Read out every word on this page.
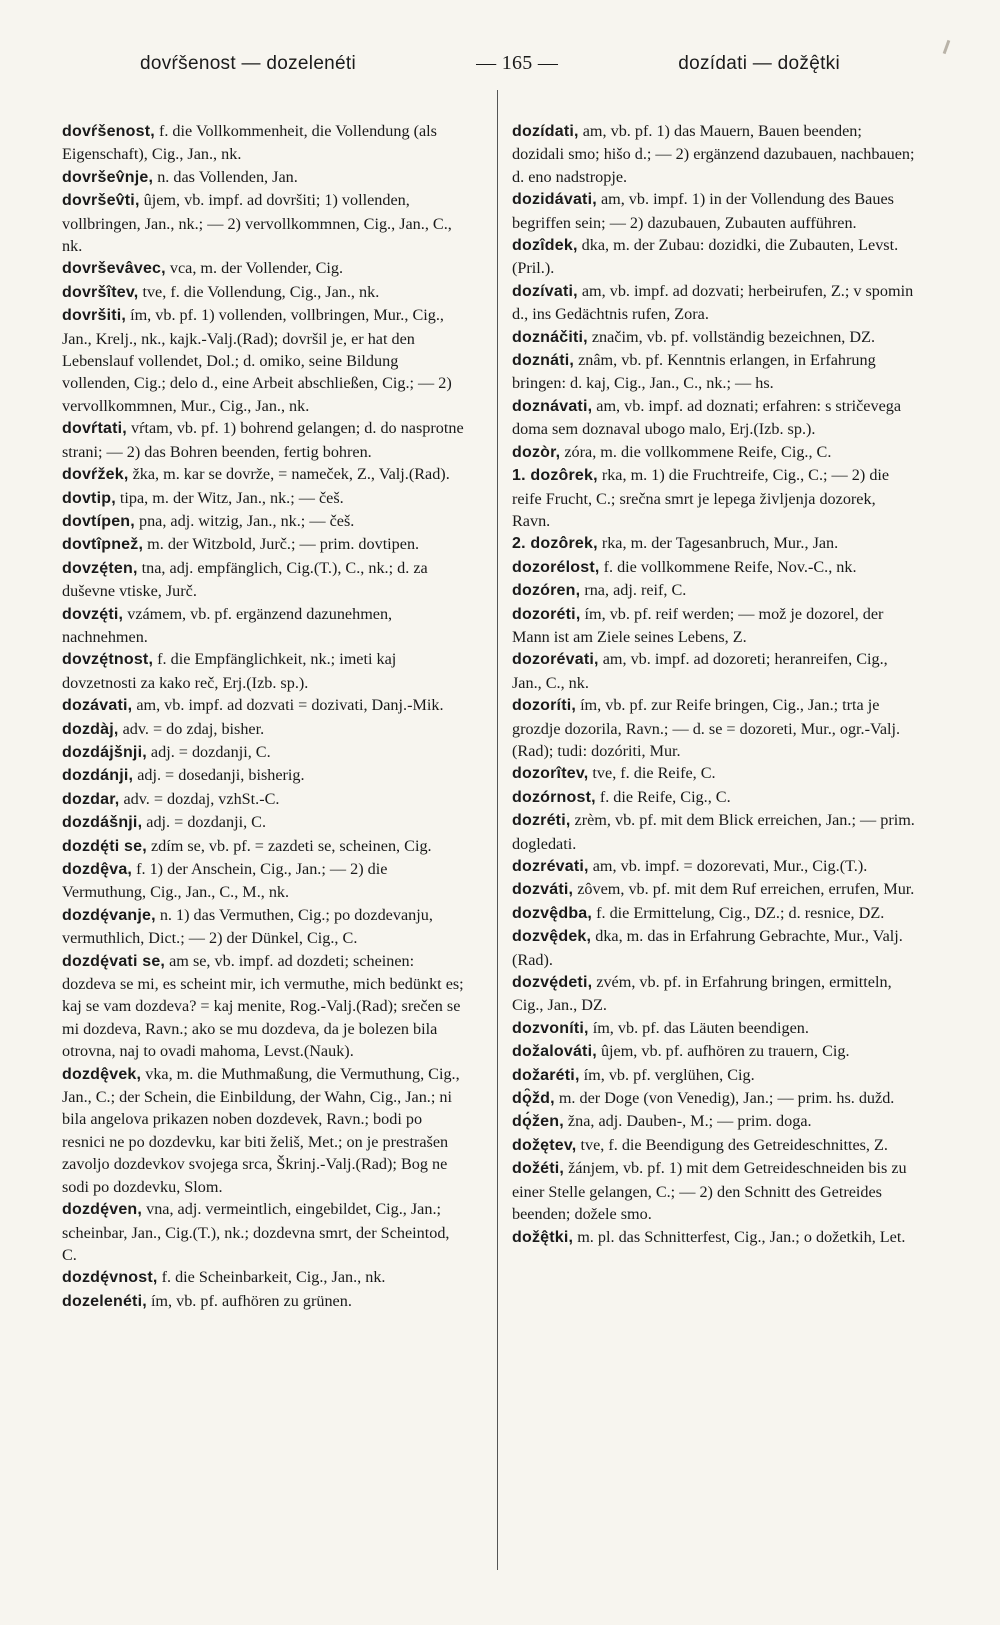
dovŕšenost — dozelenéti	— 165 —	dozídati — dožę̂tki
dovŕšenost, f. die Vollkommenheit, die Vollendung (als Eigenschaft), Cig., Jan., nk.
dovršev̂nje, n. das Vollenden, Jan.
dovršev̂ti, ûjem, vb. impf. ad dovršiti; 1) vollenden, vollbringen, Jan., nk.; — 2) vervollkommnen, Cig., Jan., C., nk.
dovrševâvec, vca, m. der Vollender, Cig.
dovršîtev, tve, f. die Vollendung, Cig., Jan., nk.
dovršiti, ím, vb. pf. 1) vollenden, vollbringen, Mur., Cig., Jan., Krelj., nk., kajk.-Valj.(Rad); dovršil je, er hat den Lebenslauf vollendet, Dol.; d. omiko, seine Bildung vollenden, Cig.; delo d., eine Arbeit abschließen, Cig.; — 2) vervollkommnen, Mur., Cig., Jan., nk.
dovŕtati, vŕtam, vb. pf. 1) bohrend gelangen; d. do nasprotne strani; — 2) das Bohren beenden, fertig bohren.
dovŕžek, žka, m. kar se dovrže, = nameček, Z., Valj.(Rad).
dovtip, tipa, m. der Witz, Jan., nk.; — češ.
dovtípen, pna, adj. witzig, Jan., nk.; — češ.
dovtîpnež, m. der Witzbold, Jurč.; — prim. dovtipen.
dovzę́ten, tna, adj. empfänglich, Cig.(T.), C., nk.; d. za duševne vtiske, Jurč.
dovzę́ti, vzámem, vb. pf. ergänzend dazunehmen, nachnehmen.
dovzę́tnost, f. die Empfänglichkeit, nk.; imeti kaj dovzetnosti za kako reč, Erj.(Izb. sp.).
dozávati, am, vb. impf. ad dozvati = dozivati, Danj.-Mik.
dozdàj, adv. = do zdaj, bisher.
dozdájšnji, adj. = dozdanji, C.
dozdánji, adj. = dosedanji, bisherig.
dozdar, adv. = dozdaj, vzhSt.-C.
dozdášnji, adj. = dozdanji, C.
dozdę́ti se, zdím se, vb. pf. = zazdeti se, scheinen, Cig.
dozdę̂va, f. 1) der Anschein, Cig., Jan.; — 2) die Vermuthung, Cig., Jan., C., M., nk.
dozdę́vanje, n. 1) das Vermuthen, Cig.; po dozdevanju, vermuthlich, Dict.; — 2) der Dünkel, Cig., C.
dozdę́vati se, am se, vb. impf. ad dozdeti; scheinen: dozdeva se mi, es scheint mir, ich vermuthe, mich bedünkt es; kaj se vam dozdeva? = kaj menite, Rog.-Valj.(Rad); srečen se mi dozdeva, Ravn.; ako se mu dozdeva, da je bolezen bila otrovna, naj to ovadi mahoma, Levst.(Nauk).
dozdę̂vek, vka, m. die Muthmaßung, die Vermuthung, Cig., Jan., C.; der Schein, die Einbildung, der Wahn, Cig., Jan.; ni bila angelova prikazen noben dozdevek, Ravn.; bodi po resnici ne po dozdevku, kar biti želiš, Met.; on je prestrašen zavoljo dozdevkov svojega srca, Škrinj.-Valj.(Rad); Bog ne sodi po dozdevku, Slom.
dozdę́ven, vna, adj. vermeintlich, eingebildet, Cig., Jan.; scheinbar, Jan., Cig.(T.), nk.; dozdevna smrt, der Scheintod, C.
dozdę́vnost, f. die Scheinbarkeit, Cig., Jan., nk.
dozelenéti, ím, vb. pf. aufhören zu grünen.
dozídati, am, vb. pf. 1) das Mauern, Bauen beenden; dozidali smo; hišo d.; — 2) ergänzend dazubauen, nachbauen; d. eno nadstropje.
dozidávati, am, vb. impf. 1) in der Vollendung des Baues begriffen sein; — 2) dazubauen, Zubauten aufführen.
dozîdek, dka, m. der Zubau: dozidki, die Zubauten, Levst.(Pril.).
dozívati, am, vb. impf. ad dozvati; herbeirufen, Z.; v spomin d., ins Gedächtnis rufen, Zora.
doznáčiti, značim, vb. pf. vollständig bezeichnen, DZ.
doznáti, znâm, vb. pf. Kenntnis erlangen, in Erfahrung bringen: d. kaj, Cig., Jan., C., nk.; — hs.
doznávati, am, vb. impf. ad doznati; erfahren: s stričevega doma sem doznaval ubogo malo, Erj.(Izb. sp.).
dozòr, zóra, m. die vollkommene Reife, Cig., C.
1. dozôrek, rka, m. 1) die Fruchtreife, Cig., C.; — 2) die reife Frucht, C.; srečna smrt je lepega življenja dozorek, Ravn.
2. dozôrek, rka, m. der Tagesanbruch, Mur., Jan.
dozorélost, f. die vollkommene Reife, Nov.-C., nk.
dozóren, rna, adj. reif, C.
dozoréti, ím, vb. pf. reif werden; — mož je dozorel, der Mann ist am Ziele seines Lebens, Z.
dozorévati, am, vb. impf. ad dozoreti; heranreifen, Cig., Jan., C., nk.
dozoríti, ím, vb. pf. zur Reife bringen, Cig., Jan.; trta je grozdje dozorila, Ravn.; — d. se = dozoreti, Mur., ogr.-Valj.(Rad); tudi: dozóriti, Mur.
dozorîtev, tve, f. die Reife, C.
dozórnost, f. die Reife, Cig., C.
dozréti, zrèm, vb. pf. mit dem Blick erreichen, Jan.; — prim. dogledati.
dozrévati, am, vb. impf. = dozorevati, Mur., Cig.(T.).
dozváti, zôvem, vb. pf. mit dem Ruf erreichen, errufen, Mur.
dozvę̂dba, f. die Ermittelung, Cig., DZ.; d. resnice, DZ.
dozvę̂dek, dka, m. das in Erfahrung Gebrachte, Mur., Valj.(Rad).
dozvę́deti, zvém, vb. pf. in Erfahrung bringen, ermitteln, Cig., Jan., DZ.
dozvoníti, ím, vb. pf. das Läuten beendigen.
dožalováti, ûjem, vb. pf. aufhören zu trauern, Cig.
dožaréti, ím, vb. pf. verglühen, Cig.
dǫ̑žd, m. der Doge (von Venedig), Jan.; — prim. hs. dužd.
dǫ́žen, žna, adj. Dauben-, M.; — prim. doga.
dožętev, tve, f. die Beendigung des Getreideschnittes, Z.
dožéti, žánjem, vb. pf. 1) mit dem Getreideschneiden bis zu einer Stelle gelangen, C.; — 2) den Schnitt des Getreides beenden; dožele smo.
dožę̂tki, m. pl. das Schnitterfest, Cig., Jan.; o dožetkih, Let.
